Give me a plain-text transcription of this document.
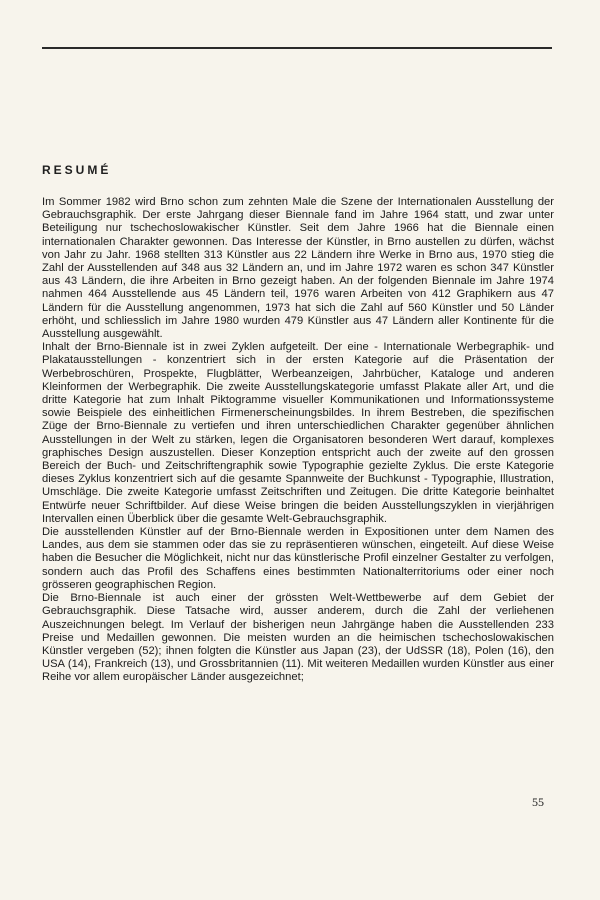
RESUMÉ

Im Sommer 1982 wird Brno schon zum zehnten Male die Szene der Internationalen Ausstellung der Gebrauchsgraphik. Der erste Jahrgang dieser Biennale fand im Jahre 1964 statt, und zwar unter Beteiligung nur tschechoslowakischer Künstler. Seit dem Jahre 1966 hat die Biennale einen internationalen Charakter gewonnen. Das Interesse der Künstler, in Brno austellen zu dürfen, wächst von Jahr zu Jahr. 1968 stellten 313 Künstler aus 22 Ländern ihre Werke in Brno aus, 1970 stieg die Zahl der Ausstellenden auf 348 aus 32 Ländern an, und im Jahre 1972 waren es schon 347 Künstler aus 43 Ländern, die ihre Arbeiten in Brno gezeigt haben. An der folgenden Biennale im Jahre 1974 nahmen 464 Ausstellende aus 45 Ländern teil, 1976 waren Arbeiten von 412 Graphikern aus 47 Ländern für die Ausstellung angenommen, 1973 hat sich die Zahl auf 560 Künstler und 50 Länder erhöht, und schliesslich im Jahre 1980 wurden 479 Künstler aus 47 Ländern aller Kontinente für die Ausstellung ausgewählt.

Inhalt der Brno-Biennale ist in zwei Zyklen aufgeteilt. Der eine - Internationale Werbegraphik- und Plakatausstellungen - konzentriert sich in der ersten Kategorie auf die Präsentation der Werbebroschüren, Prospekte, Flugblätter, Werbeanzeigen, Jahrbücher, Kataloge und anderen Kleinformen der Werbegraphik. Die zweite Ausstellungskategorie umfasst Plakate aller Art, und die dritte Kategorie hat zum Inhalt Piktogramme visueller Kommunikationen und Informationssysteme sowie Beispiele des einheitlichen Firmenerscheinungsbildes. In ihrem Bestreben, die spezifischen Züge der Brno-Biennale zu vertiefen und ihren unterschiedlichen Charakter gegenüber ähnlichen Ausstellungen in der Welt zu stärken, legen die Organisatoren besonderen Wert darauf, komplexes graphisches Design auszustellen. Dieser Konzeption entspricht auch der zweite auf den grossen Bereich der Buch- und Zeitschriftengraphik sowie Typographie gezielte Zyklus. Die erste Kategorie dieses Zyklus konzentriert sich auf die gesamte Spannweite der Buchkunst - Typographie, Illustration, Umschläge. Die zweite Kategorie umfasst Zeitschriften und Zeitugen. Die dritte Kategorie beinhaltet Entwürfe neuer Schriftbilder. Auf diese Weise bringen die beiden Ausstellungszyklen in vierjährigen Intervallen einen Überblick über die gesamte Welt-Gebrauchsgraphik.

Die ausstellenden Künstler auf der Brno-Biennale werden in Expositionen unter dem Namen des Landes, aus dem sie stammen oder das sie zu repräsentieren wünschen, eingeteilt. Auf diese Weise haben die Besucher die Möglichkeit, nicht nur das künstlerische Profil einzelner Gestalter zu verfolgen, sondern auch das Profil des Schaffens eines bestimmten Nationalterritoriums oder einer noch grösseren geographischen Region.

Die Brno-Biennale ist auch einer der grössten Welt-Wettbewerbe auf dem Gebiet der Gebrauchsgraphik. Diese Tatsache wird, ausser anderem, durch die Zahl der verliehenen Auszeichnungen belegt. Im Verlauf der bisherigen neun Jahrgänge haben die Ausstellenden 233 Preise und Medaillen gewonnen. Die meisten wurden an die heimischen tschechoslowakischen Künstler vergeben (52); ihnen folgten die Künstler aus Japan (23), der UdSSR (18), Polen (16), den USA (14), Frankreich (13), und Grossbritannien (11). Mit weiteren Medaillen wurden Künstler aus einer Reihe vor allem europäischer Länder ausgezeichnet;

55
